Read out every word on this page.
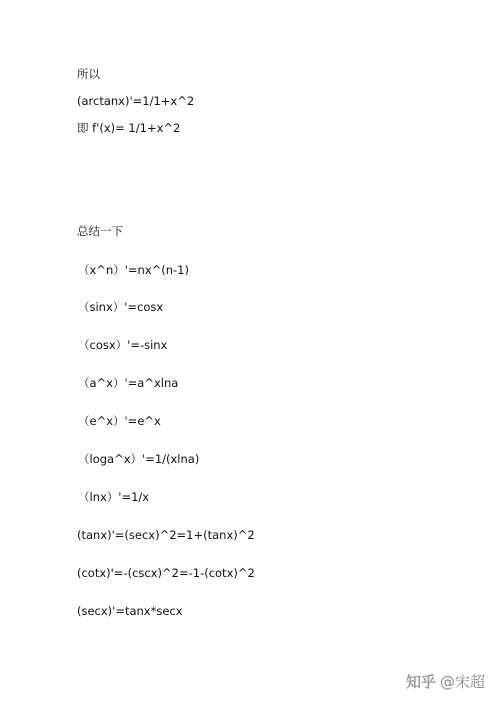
所以
(arctanx)'=1/1+x^2
即 f'(x)= 1/1+x^2
总结一下
（x^n）'=nx^(n-1)
（sinx）'=cosx
（cosx）'=-sinx
（a^x）'=a^xlna
（e^x）'=e^x
（loga^x）'=1/(xlna)
（lnx）'=1/x
(tanx)'=(secx)^2=1+(tanx)^2
(cotx)'=-(cscx)^2=-1-(cotx)^2
(secx)'=tanx*secx
知乎 @宋超
